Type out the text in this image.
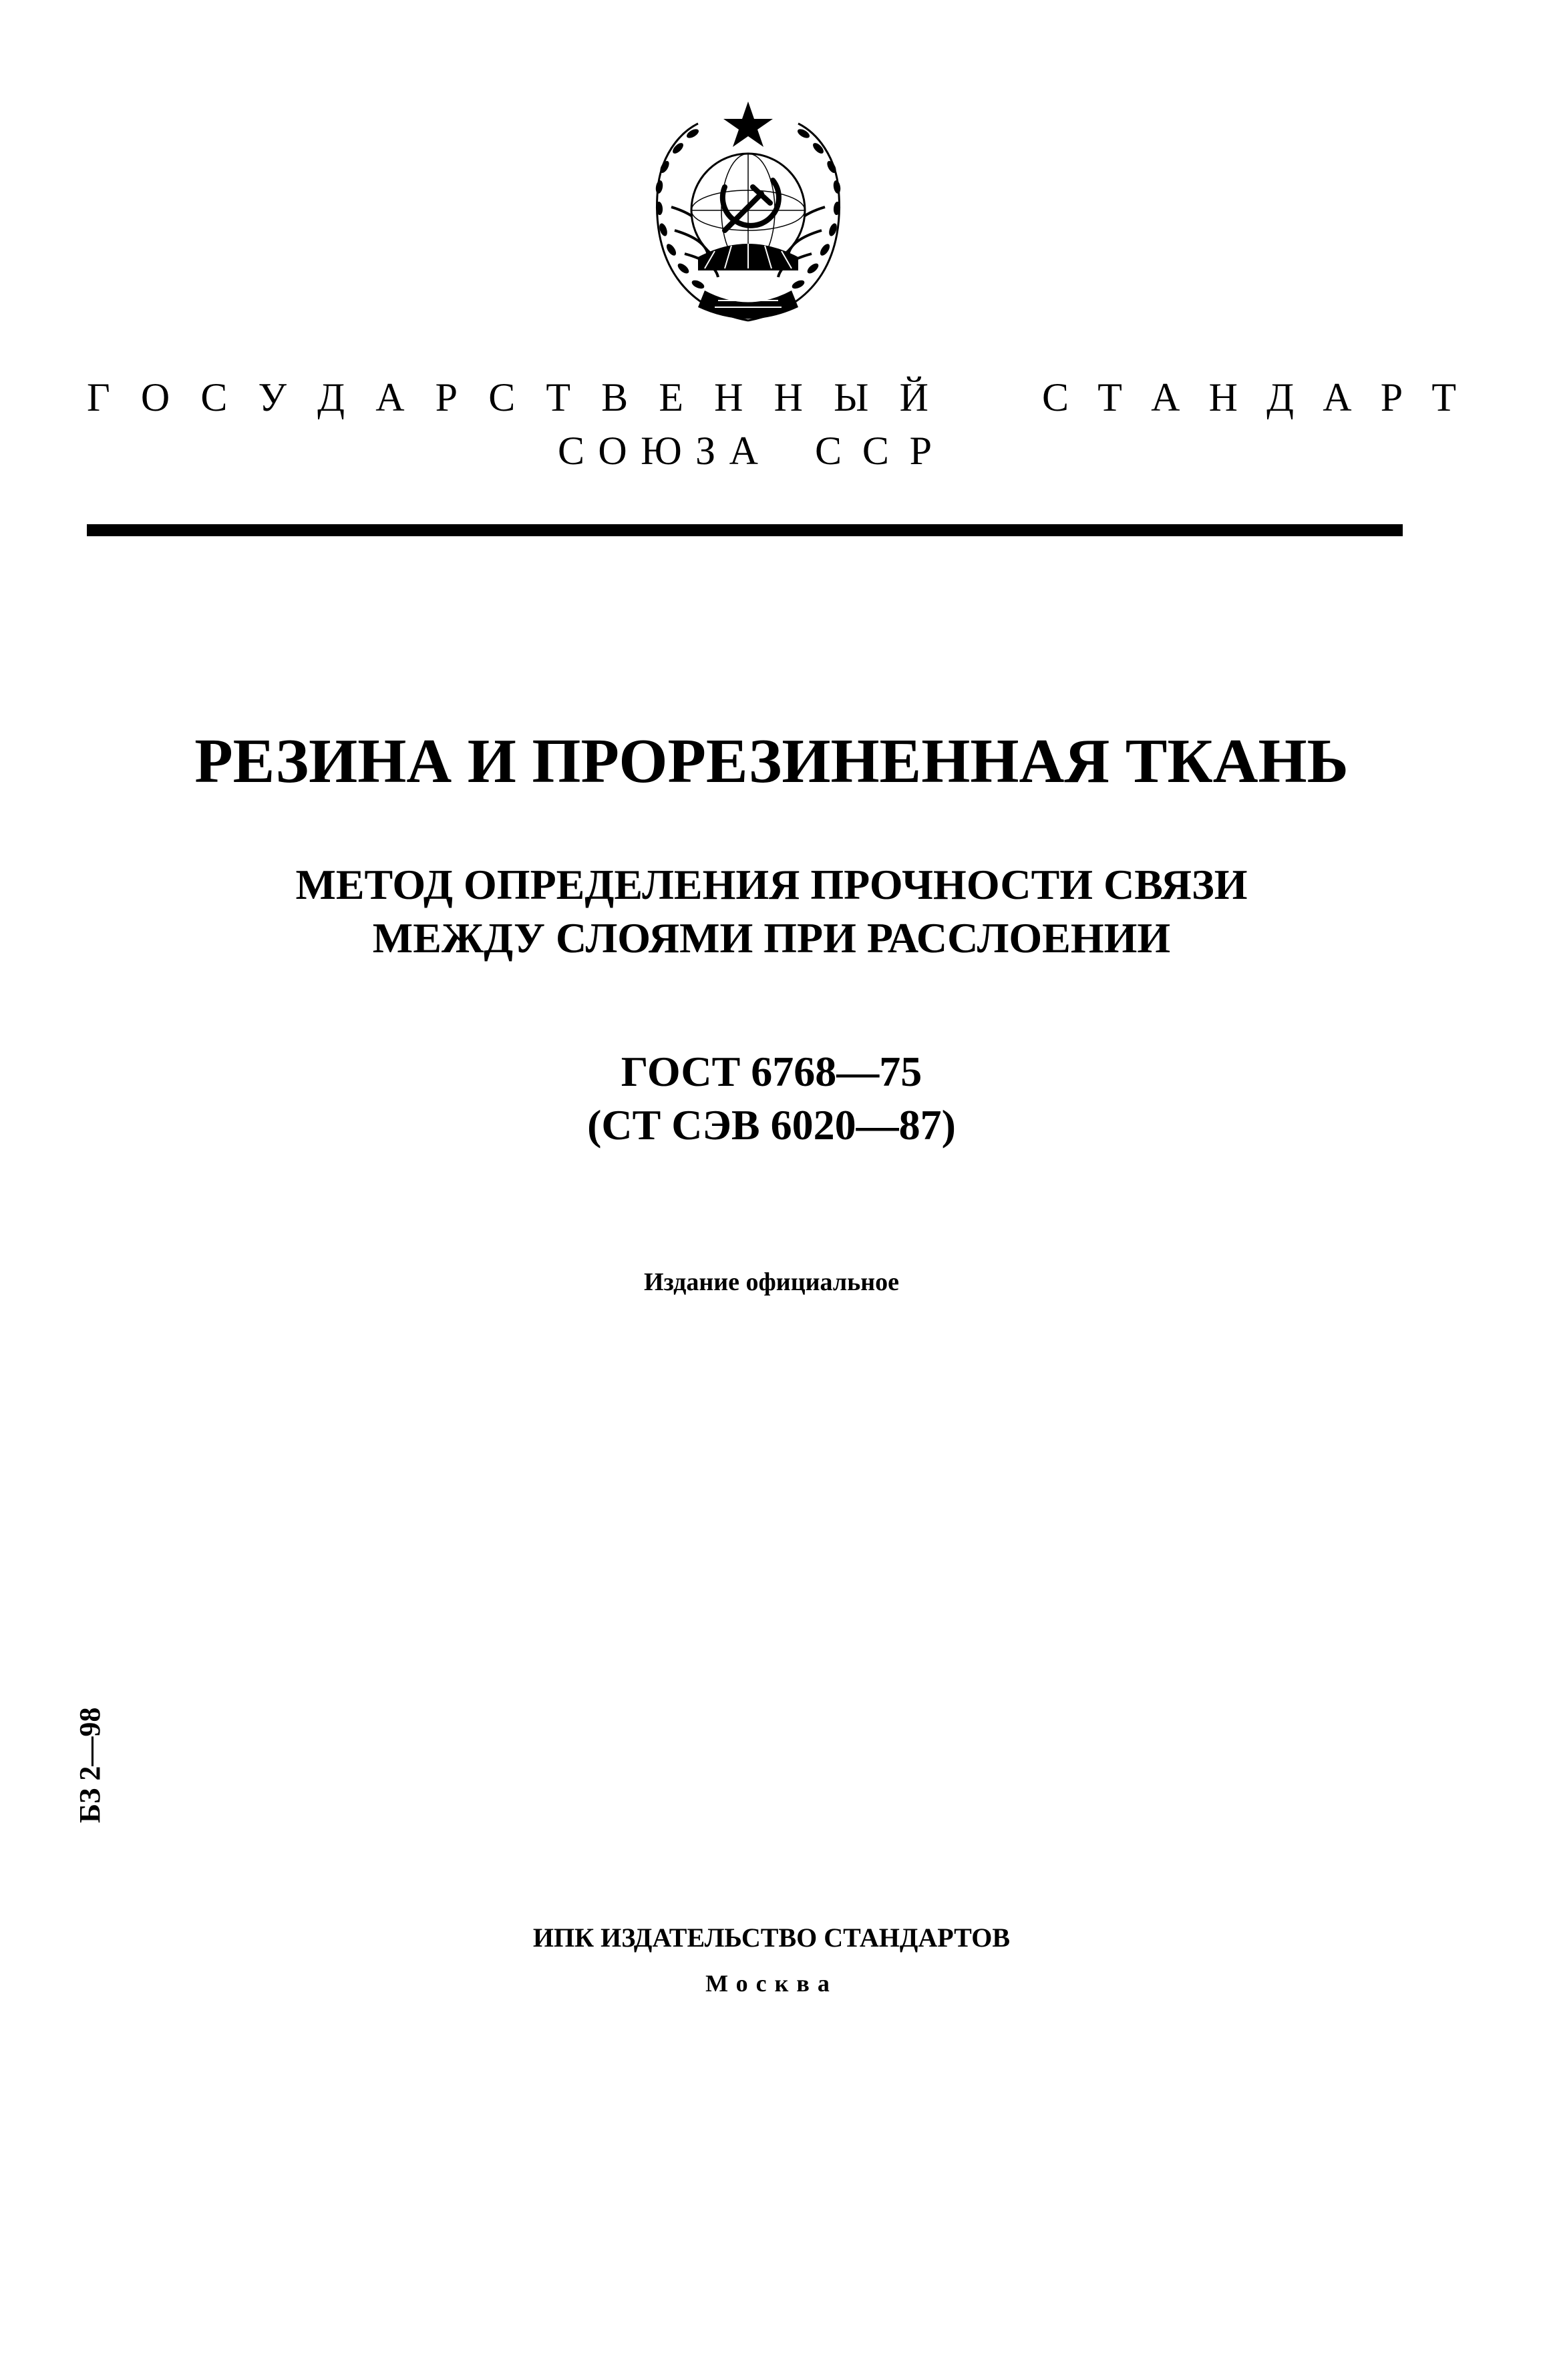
Г О С У Д А Р С Т В Е Н Н Ы Й	С Т А Н Д А Р Т
С О Ю З А С С Р
РЕЗИНА И ПРОРЕЗИНЕННАЯ ТКАНЬ
МЕТОД ОПРЕДЕЛЕНИЯ ПРОЧНОСТИ СВЯЗИ
МЕЖДУ СЛОЯМИ ПРИ РАССЛОЕНИИ
ГОСТ 6768—75
(СТ СЭВ 6020—87)
Издание официальное
БЗ 2—98
ИПК ИЗДАТЕЛЬСТВО СТАНДАРТОВ
Москва
